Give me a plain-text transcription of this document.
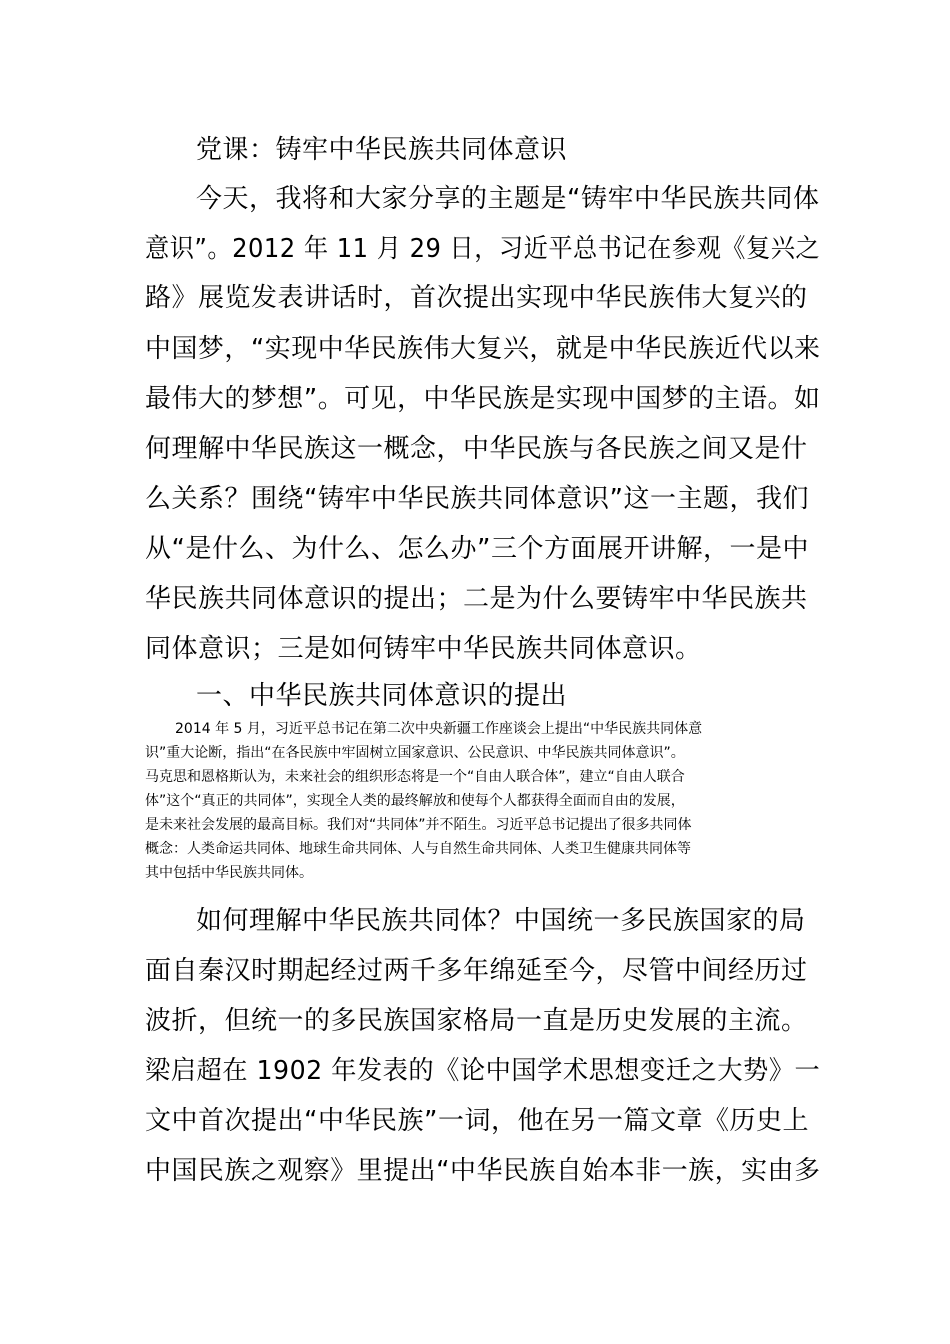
党课：铸牢中华民族共同体意识

今天，我将和大家分享的主题是“铸牢中华民族共同体

意识”。2012 年 11 月 29 日，习近平总书记在参观《复兴之

路》展览发表讲话时，首次提出实现中华民族伟大复兴的

中国梦，“实现中华民族伟大复兴，就是中华民族近代以来

最伟大的梦想”。可见，中华民族是实现中国梦的主语。如

何理解中华民族这一概念，中华民族与各民族之间又是什

么关系？围绕“铸牢中华民族共同体意识”这一主题，我们

从“是什么、为什么、怎么办”三个方面展开讲解，一是中

华民族共同体意识的提出；二是为什么要铸牢中华民族共

同体意识；三是如何铸牢中华民族共同体意识。

一、中华民族共同体意识的提出

2014 年 5 月，习近平总书记在第二次中央新疆工作座谈会上提出“中华民族共同体意

识”重大论断，指出“在各民族中牢固树立国家意识、公民意识、中华民族共同体意识”。

马克思和恩格斯认为，未来社会的组织形态将是一个“自由人联合体”，建立“自由人联合

体”这个“真正的共同体”，实现全人类的最终解放和使每个人都获得全面而自由的发展，

是未来社会发展的最高目标。我们对“共同体”并不陌生。习近平总书记提出了很多共同体

概念：人类命运共同体、地球生命共同体、人与自然生命共同体、人类卫生健康共同体等

其中包括中华民族共同体。

如何理解中华民族共同体？中国统一多民族国家的局

面自秦汉时期起经过两千多年绵延至今，尽管中间经历过

波折，但统一的多民族国家格局一直是历史发展的主流。

梁启超在 1902 年发表的《论中国学术思想变迁之大势》一

文中首次提出“中华民族”一词，他在另一篇文章《历史上

中国民族之观察》里提出“中华民族自始本非一族，实由多
